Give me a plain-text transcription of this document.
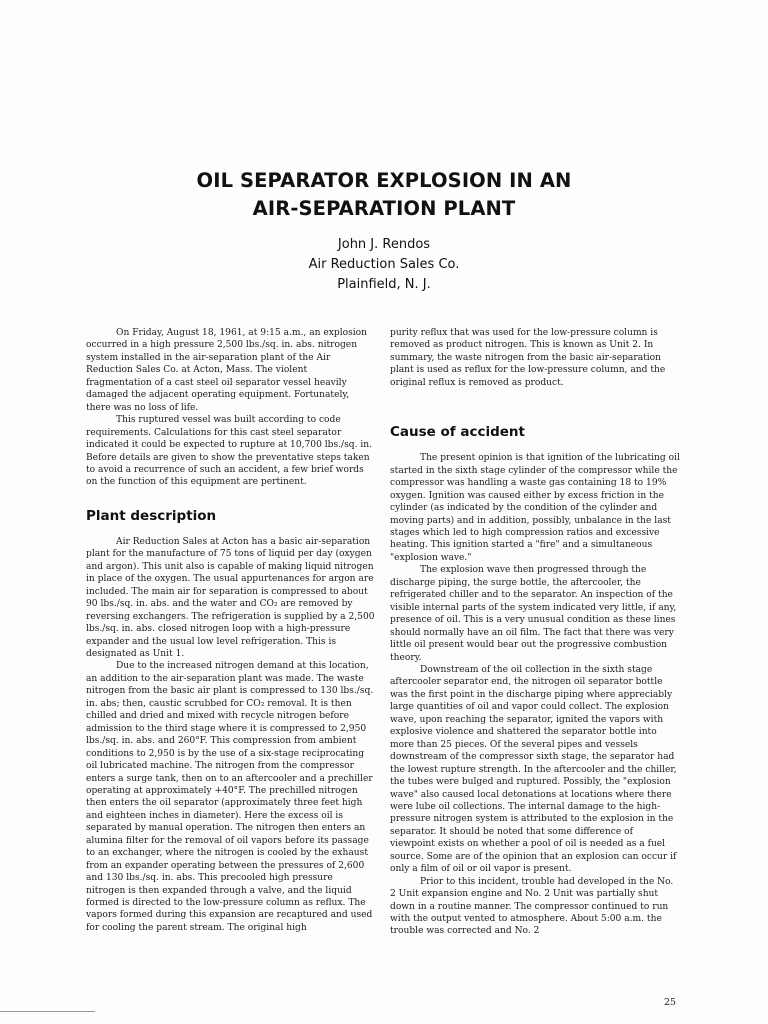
OIL SEPARATOR EXPLOSION IN AN
AIR-SEPARATION PLANT
John J. Rendos
Air Reduction Sales Co.
Plainfield, N. J.

On Friday, August 18, 1961, at 9:15 a.m., an explosion occurred in a high pressure 2,500 lbs./sq. in. abs. nitrogen system installed in the air-separation plant of the Air Reduction Sales Co. at Acton, Mass. The violent fragmentation of a cast steel oil separator vessel heavily damaged the adjacent operating equipment. Fortunately, there was no loss of life.

This ruptured vessel was built according to code requirements. Calculations for this cast steel separator indicated it could be expected to rupture at 10,700 lbs./sq. in. Before details are given to show the preventative steps taken to avoid a recurrence of such an accident, a few brief words on the function of this equipment are pertinent.

Plant description

Air Reduction Sales at Acton has a basic air-separation plant for the manufacture of 75 tons of liquid per day (oxygen and argon). This unit also is capable of making liquid nitrogen in place of the oxygen. The usual appurtenances for argon are included. The main air for separation is compressed to about 90 lbs./sq. in. abs. and the water and CO₂ are removed by reversing exchangers. The refrigeration is supplied by a 2,500 lbs./sq. in. abs. closed nitrogen loop with a high-pressure expander and the usual low level refrigeration. This is designated as Unit 1.

Due to the increased nitrogen demand at this location, an addition to the air-separation plant was made. The waste nitrogen from the basic air plant is compressed to 130 lbs./sq. in. abs; then, caustic scrubbed for CO₂ removal. It is then chilled and dried and mixed with recycle nitrogen before admission to the third stage where it is compressed to 2,950 lbs./sq. in. abs. and 260°F. This compression from ambient conditions to 2,950 is by the use of a six-stage reciprocating oil lubricated machine. The nitrogen from the compressor enters a surge tank, then on to an aftercooler and a prechiller operating at approximately +40°F. The prechilled nitrogen then enters the oil separator (approximately three feet high and eighteen inches in diameter). Here the excess oil is separated by manual operation. The nitrogen then enters an alumina filter for the removal of oil vapors before its passage to an exchanger, where the nitrogen is cooled by the exhaust from an expander operating between the pressures of 2,600 and 130 lbs./sq. in. abs. This precooled high pressure nitrogen is then expanded through a valve, and the liquid formed is directed to the low-pressure column as reflux. The vapors formed during this expansion are recaptured and used for cooling the parent stream. The original high

purity reflux that was used for the low-pressure column is removed as product nitrogen. This is known as Unit 2. In summary, the waste nitrogen from the basic air-separation plant is used as reflux for the low-pressure column, and the original reflux is removed as product.

Cause of accident

The present opinion is that ignition of the lubricating oil started in the sixth stage cylinder of the compressor while the compressor was handling a waste gas containing 18 to 19% oxygen. Ignition was caused either by excess friction in the cylinder (as indicated by the condition of the cylinder and moving parts) and in addition, possibly, unbalance in the last stages which led to high compression ratios and excessive heating. This ignition started a "fire" and a simultaneous "explosion wave."

The explosion wave then progressed through the discharge piping, the surge bottle, the aftercooler, the refrigerated chiller and to the separator. An inspection of the visible internal parts of the system indicated very little, if any, presence of oil. This is a very unusual condition as these lines should normally have an oil film. The fact that there was very little oil present would bear out the progressive combustion theory.

Downstream of the oil collection in the sixth stage aftercooler separator end, the nitrogen oil separator bottle was the first point in the discharge piping where appreciably large quantities of oil and vapor could collect. The explosion wave, upon reaching the separator, ignited the vapors with explosive violence and shattered the separator bottle into more than 25 pieces. Of the several pipes and vessels downstream of the compressor sixth stage, the separator had the lowest rupture strength. In the aftercooler and the chiller, the tubes were bulged and ruptured. Possibly, the "explosion wave" also caused local detonations at locations where there were lube oil collections. The internal damage to the high-pressure nitrogen system is attributed to the explosion in the separator. It should be noted that some difference of viewpoint exists on whether a pool of oil is needed as a fuel source. Some are of the opinion that an explosion can occur if only a film of oil or oil vapor is present.

Prior to this incident, trouble had developed in the No. 2 Unit expansion engine and No. 2 Unit was partially shut down in a routine manner. The compressor continued to run with the output vented to atmosphere. About 5:00 a.m. the trouble was corrected and No. 2

25
